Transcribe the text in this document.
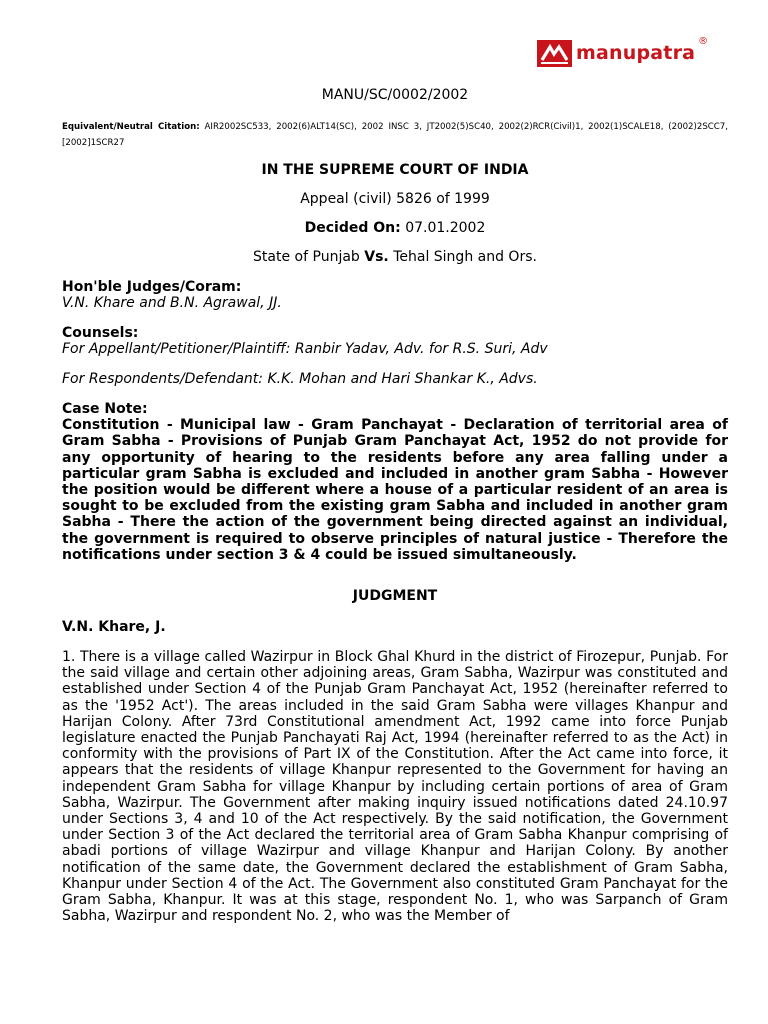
manupatra
®
MANU/SC/0002/2002
Equivalent/Neutral Citation: AIR2002SC533, 2002(6)ALT14(SC), 2002 INSC 3, JT2002(5)SC40, 2002(2)RCR(Civil)1, 2002(1)SCALE18, (2002)2SCC7, [2002]1SCR27
IN THE SUPREME COURT OF INDIA
Appeal (civil) 5826 of 1999
Decided On: 07.01.2002
State of Punjab Vs. Tehal Singh and Ors.
Hon'ble Judges/Coram:
V.N. Khare and B.N. Agrawal, JJ.
Counsels:
For Appellant/Petitioner/Plaintiff: Ranbir Yadav, Adv. for R.S. Suri, Adv
For Respondents/Defendant: K.K. Mohan and Hari Shankar K., Advs.
Case Note:
Constitution - Municipal law - Gram Panchayat - Declaration of territorial area of Gram Sabha - Provisions of Punjab Gram Panchayat Act, 1952 do not provide for any opportunity of hearing to the residents before any area falling under a particular gram Sabha is excluded and included in another gram Sabha - However the position would be different where a house of a particular resident of an area is sought to be excluded from the existing gram Sabha and included in another gram Sabha - There the action of the government being directed against an individual, the government is required to observe principles of natural justice - Therefore the notifications under section 3 & 4 could be issued simultaneously.
JUDGMENT
V.N. Khare, J.
1. There is a village called Wazirpur in Block Ghal Khurd in the district of Firozepur, Punjab. For the said village and certain other adjoining areas, Gram Sabha, Wazirpur was constituted and established under Section 4 of the Punjab Gram Panchayat Act, 1952 (hereinafter referred to as the '1952 Act'). The areas included in the said Gram Sabha were villages Khanpur and Harijan Colony. After 73rd Constitutional amendment Act, 1992 came into force Punjab legislature enacted the Punjab Panchayati Raj Act, 1994 (hereinafter referred to as the Act) in conformity with the provisions of Part IX of the Constitution. After the Act came into force, it appears that the residents of village Khanpur represented to the Government for having an independent Gram Sabha for village Khanpur by including certain portions of area of Gram Sabha, Wazirpur. The Government after making inquiry issued notifications dated 24.10.97 under Sections 3, 4 and 10 of the Act respectively. By the said notification, the Government under Section 3 of the Act declared the territorial area of Gram Sabha Khanpur comprising of abadi portions of village Wazirpur and village Khanpur and Harijan Colony. By another notification of the same date, the Government declared the establishment of Gram Sabha, Khanpur under Section 4 of the Act. The Government also constituted Gram Panchayat for the Gram Sabha, Khanpur. It was at this stage, respondent No. 1, who was Sarpanch of Gram Sabha, Wazirpur and respondent No. 2, who was the Member of
